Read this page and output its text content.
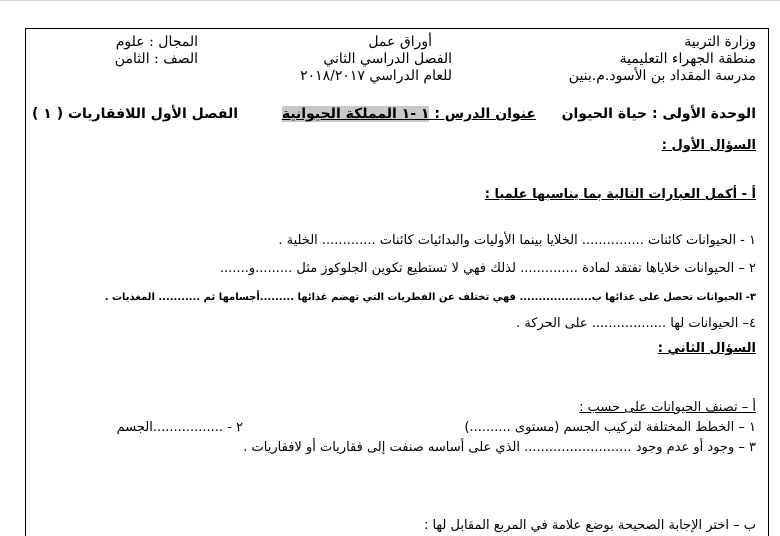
وزارة التربية
منطقة الجهراء التعليمية
مدرسة المقداد بن الأسود.م.بنين
أوراق عمل
الفصل الدراسي الثاني
للعام الدراسي ٢٠١٨/٢٠١٧
المجال : علوم
الصف : الثامن
الوحدة الأولى : حياة الحيوان
عنوان الدرس : ١ -١ المملكة الحيوانية
الفصل الأول اللافقاريات ( ١ )
السؤال الأول :
أ - أكمل العبارات التالية بما يناسبها علميا :
١ - الحيوانات كائنات ............... الخلايا بينما الأوليات والبدائيات كائنات ............. الخلية .
٢ – الحيوانات خلاياها تفتقد لمادة .............. لذلك فهي لا تستطيع تكوين الجلوكوز مثل .........و.......
٣- الحيوانات تحصل على غذائها ب................... فهي تختلف عن الفطريات التي تهضم غذائها .........أجسامها ثم ........... المغذيات .
٤– الحيوانات لها .................. على الحركة .
السؤال الثاني :
أ – تصنف الحيوانات على حسب :
١ – الخطط المختلفة لتركيب الجسم (مستوى ..........)
٢ - .................الجسم
٣ – وجود أو عدم وجود .......................... الذي على أساسه صنفت إلى فقاريات أو لافقاريات .
ب – اختر الإجابة الصحيحة بوضع علامة في المربع المقابل لها :
